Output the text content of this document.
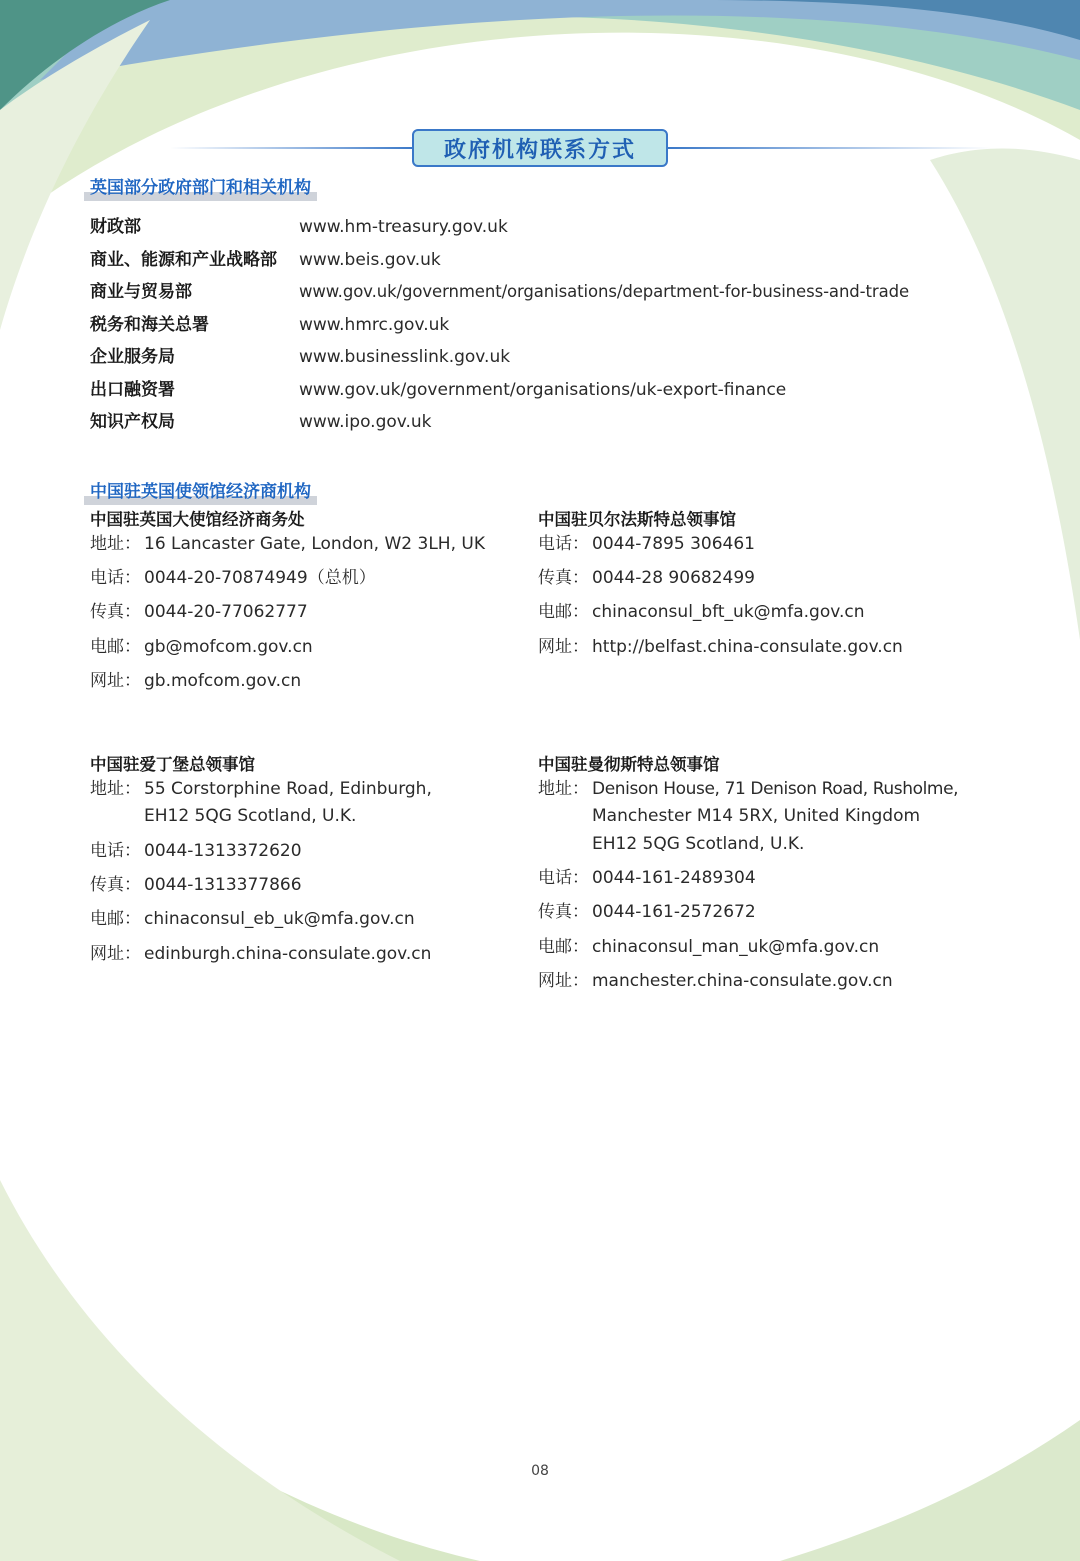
政府机构联系方式
英国部分政府部门和相关机构
财政部	www.hm-treasury.gov.uk
商业、能源和产业战略部	www.beis.gov.uk
商业与贸易部	www.gov.uk/government/organisations/department-for-business-and-trade
税务和海关总署	www.hmrc.gov.uk
企业服务局	www.businesslink.gov.uk
出口融资署	www.gov.uk/government/organisations/uk-export-finance
知识产权局	www.ipo.gov.uk
中国驻英国使领馆经济商机构
中国驻英国大使馆经济商务处
地址： 16 Lancaster Gate, London, W2 3LH, UK
电话： 0044-20-70874949（总机）
传真： 0044-20-77062777
电邮： gb@mofcom.gov.cn
网址： gb.mofcom.gov.cn
中国驻贝尔法斯特总领事馆
电话： 0044-7895 306461
传真： 0044-28 90682499
电邮： chinaconsul_bft_uk@mfa.gov.cn
网址： http://belfast.china-consulate.gov.cn
中国驻爱丁堡总领事馆
地址： 55 Corstorphine Road, Edinburgh,
EH12 5QG Scotland, U.K.
电话： 0044-1313372620
传真： 0044-1313377866
电邮： chinaconsul_eb_uk@mfa.gov.cn
网址： edinburgh.china-consulate.gov.cn
中国驻曼彻斯特总领事馆
地址： Denison House, 71 Denison Road, Rusholme,
Manchester M14 5RX, United Kingdom
EH12 5QG Scotland, U.K.
电话： 0044-161-2489304
传真： 0044-161-2572672
电邮： chinaconsul_man_uk@mfa.gov.cn
网址： manchester.china-consulate.gov.cn
08
